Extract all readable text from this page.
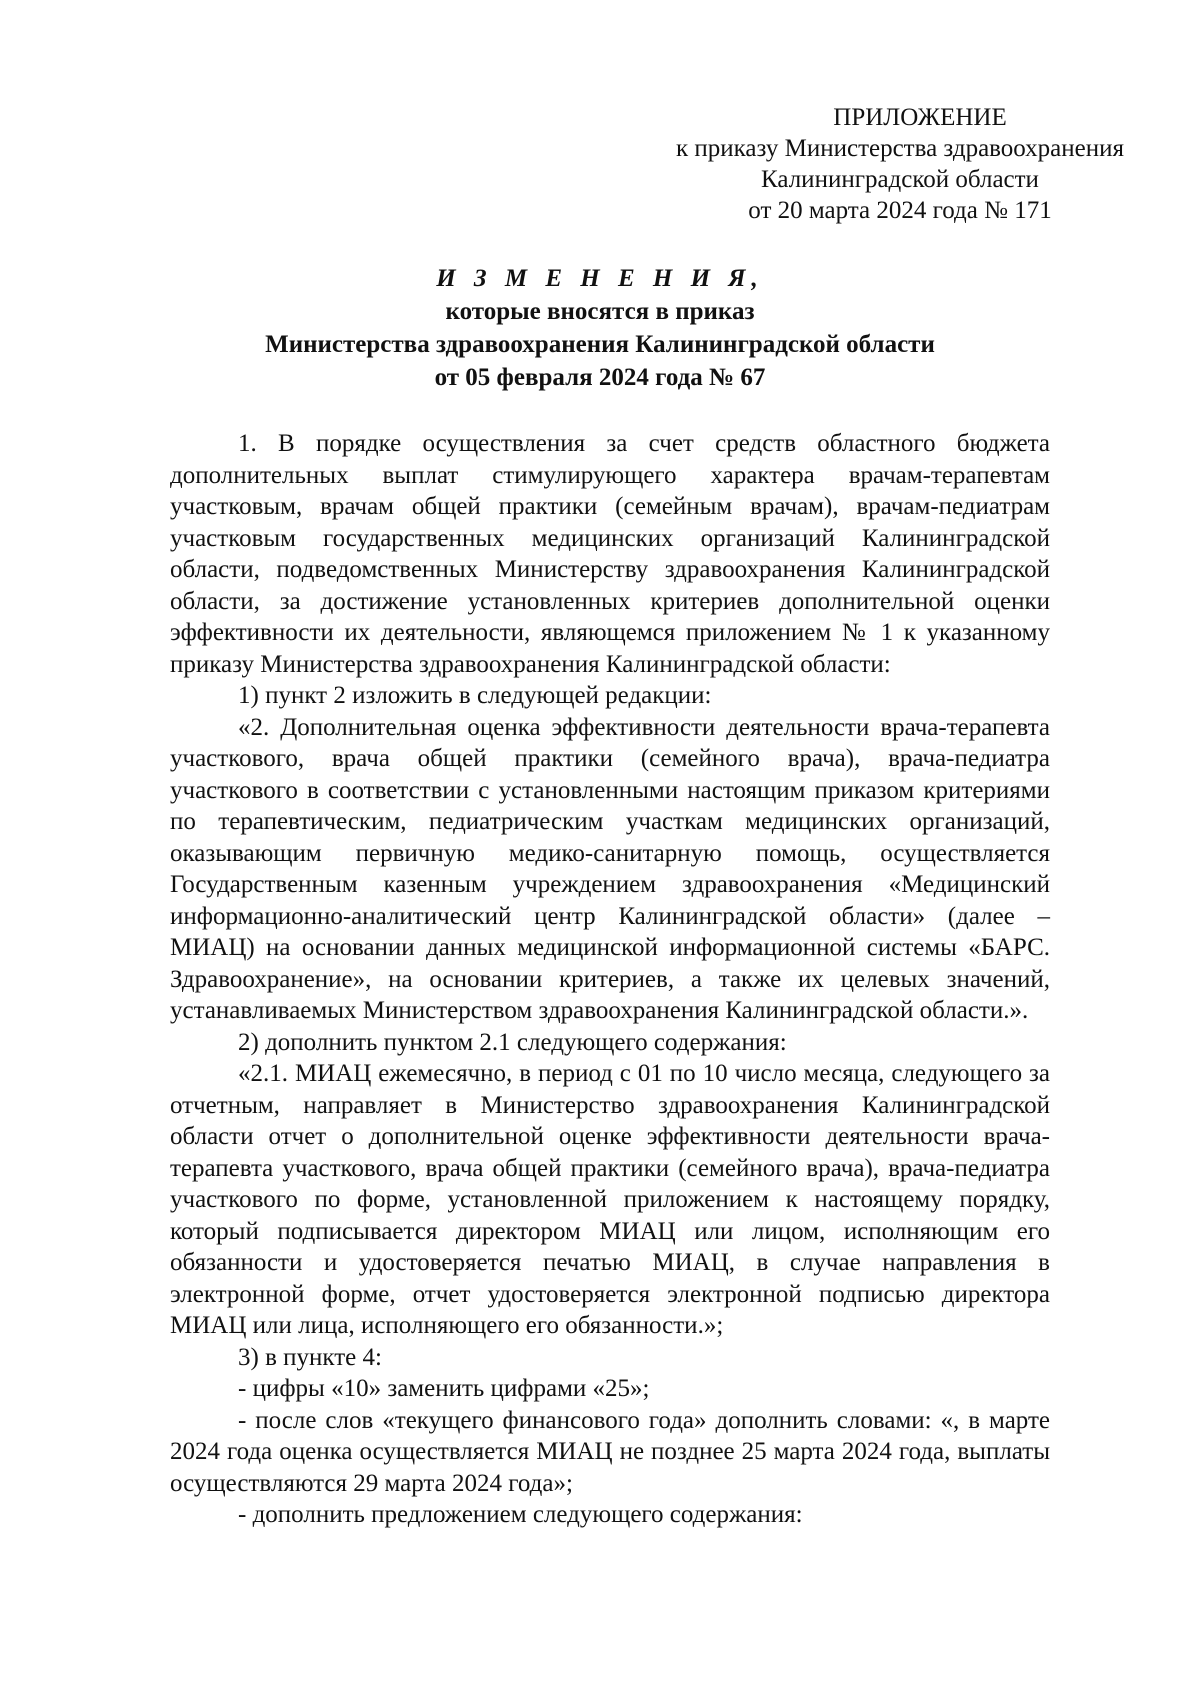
ПРИЛОЖЕНИЕ
к приказу Министерства здравоохранения
Калининградской области
от 20 марта 2024 года № 171
И З М Е Н Е Н И Я,
которые вносятся в приказ
Министерства здравоохранения Калининградской области
от 05 февраля 2024 года № 67

1. В порядке осуществления за счет средств областного бюджета дополнительных выплат стимулирующего характера врачам-терапевтам участковым, врачам общей практики (семейным врачам), врачам-педиатрам участковым государственных медицинских организаций Калининградской области, подведомственных Министерству здравоохранения Калининградской области, за достижение установленных критериев дополнительной оценки эффективности их деятельности, являющемся приложением № 1 к указанному приказу Министерства здравоохранения Калининградской области:

1) пункт 2 изложить в следующей редакции:

«2. Дополнительная оценка эффективности деятельности врача-терапевта участкового, врача общей практики (семейного врача), врача-педиатра участкового в соответствии с установленными настоящим приказом критериями по терапевтическим, педиатрическим участкам медицинских организаций, оказывающим первичную медико-санитарную помощь, осуществляется Государственным казенным учреждением здравоохранения «Медицинский информационно-аналитический центр Калининградской области» (далее – МИАЦ) на основании данных медицинской информационной системы «БАРС. Здравоохранение», на основании критериев, а также их целевых значений, устанавливаемых Министерством здравоохранения Калининградской области.».

2) дополнить пунктом 2.1 следующего содержания:

«2.1. МИАЦ ежемесячно, в период с 01 по 10 число месяца, следующего за отчетным, направляет в Министерство здравоохранения Калининградской области отчет о дополнительной оценке эффективности деятельности врача-терапевта участкового, врача общей практики (семейного врача), врача-педиатра участкового по форме, установленной приложением к настоящему порядку, который подписывается директором МИАЦ или лицом, исполняющим его обязанности и удостоверяется печатью МИАЦ, в случае направления в электронной форме, отчет удостоверяется электронной подписью директора МИАЦ или лица, исполняющего его обязанности.»;

3) в пункте 4:

- цифры «10» заменить цифрами «25»;

- после слов «текущего финансового года» дополнить словами: «, в марте 2024 года оценка осуществляется МИАЦ не позднее 25 марта 2024 года, выплаты осуществляются 29 марта 2024 года»;

- дополнить предложением следующего содержания:
